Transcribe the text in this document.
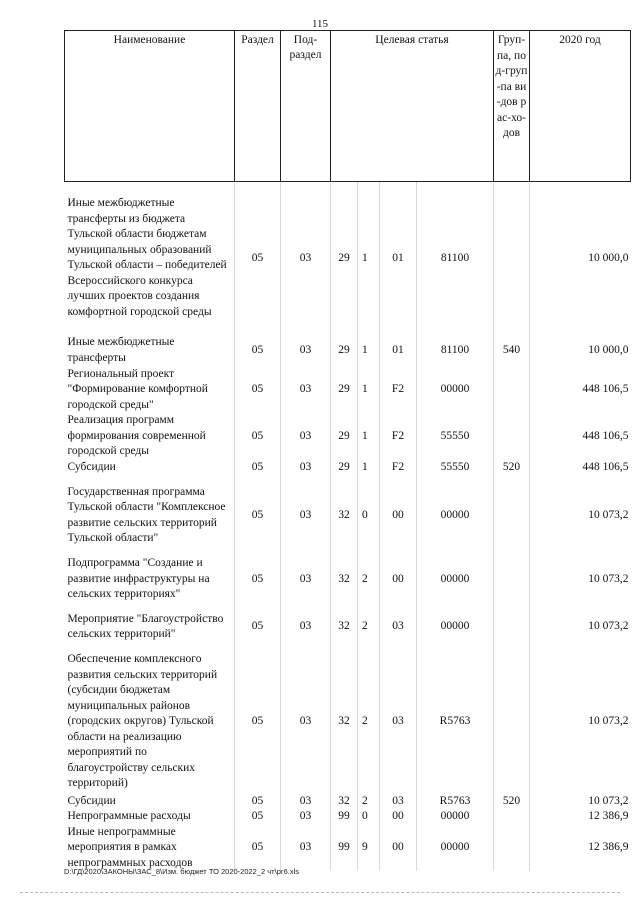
115
Наименование	Раздел	Под-раздел	Целевая статья				Груп-па, под-груп-па ви-дов рас-хо-дов	2020 год
Иные межбюджетные трансферты из бюджета Тульской области бюджетам муниципальных образований Тульской области – победителей Всероссийского конкурса лучших проектов создания комфортной городской среды	05	03	29	1	01	81100		10 000,0
Иные межбюджетные трансферты	05	03	29	1	01	81100	540	10 000,0
Региональный проект "Формирование комфортной городской среды"	05	03	29	1	F2	00000		448 106,5
Реализация программ формирования современной городской среды	05	03	29	1	F2	55550		448 106,5
Субсидии	05	03	29	1	F2	55550	520	448 106,5
Государственная программа Тульской области "Комплексное развитие сельских территорий Тульской области"	05	03	32	0	00	00000		10 073,2
Подпрограмма "Создание и развитие инфраструктуры на сельских территориях"	05	03	32	2	00	00000		10 073,2
Мероприятие "Благоустройство сельских территорий"	05	03	32	2	03	00000		10 073,2
Обеспечение комплексного развития сельских территорий (субсидии бюджетам муниципальных районов (городских округов) Тульской области на реализацию мероприятий по благоустройству сельских территорий)	05	03	32	2	03	R5763		10 073,2
Субсидии	05	03	32	2	03	R5763	520	10 073,2
Непрограммные расходы	05	03	99	0	00	00000		12 386,9
Иные непрограммные мероприятия в рамках непрограммных расходов	05	03	99	9	00	00000		12 386,9
D:\ГД\2020\ЗАКОНЫ\ЗАС_8\Изм. бюджет ТО 2020-2022_2 чт\рг6.xls
